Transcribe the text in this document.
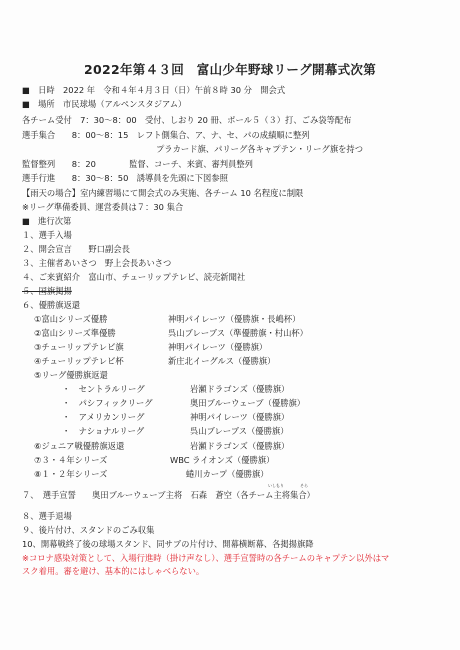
2022年第４３回　富山少年野球リーグ開幕式次第
■　日時　2022 年　令和４年４月３日（日）午前８時 30 分　開会式
■　場所　市民球場（アルペンスタジアム）
各チーム受付　7：30～8：00　受付、しおり 20 冊、ポール５（３）打、ごみ袋等配布
選手集合　　8：00～8：15　レフト側集合、ア、ナ、セ、パの成績順に整列
プラカード旗、パリーグ各キャプテン・リーグ旗を持つ
監督整列　　8：20　　　　監督、コーチ、来賓、審判員整列
選手行進　　8：30～8：50　誘導員を先頭に下図参照
【雨天の場合】室内練習場にて開会式のみ実施、各チーム 10 名程度に制限
※リーグ準備委員、運営委員は７：30 集合
■　進行次第
１、選手入場
２、開会宣言　　野口副会長
３、主催者あいさつ　野上会長あいさつ
４、ご来賓紹介　富山市、チューリップテレビ、読売新聞社
５、国旗掲揚
６、優勝旗返還
①富山シリーズ優勝	神明パイレーツ（優勝旗・長嶋杯）
②富山シリーズ準優勝	呉山ブレーブス（準優勝旗・村山杯）
③チューリップテレビ旗	神明パイレーツ（優勝旗）
④チューリップテレビ杯	新庄北イーグルス（優勝旗）
⑤リーグ優勝旗返還
・　セントラルリーグ	岩瀬ドラゴンズ（優勝旗）
・　パシフィックリーグ	奥田ブルーウェーブ（優勝旗）
・　アメリカンリーグ	神明パイレーツ（優勝旗）
・　ナショナルリーグ	呉山ブレーブス（優勝旗）
⑥ジュニア戦優勝旗返還	岩瀬ドラゴンズ（優勝旗）
⑦３・４年シリーズ	WBC ライオンズ（優勝旗）
⑧１・２年シリーズ	蜷川カープ（優勝旗）
いしもり	そら
７、　選手宣誓 奥田ブルーウェーブ主将　石森　蒼空（各チーム主将集合）
８、選手退場
９、後片付け、スタンドのごみ収集
10、開幕戦終了後の球場スタンド、同サブの片付け、開幕横断幕、各掲揚旗降
※コロナ感染対策として、入場行進時（掛け声なし）、選手宣誓時の各チームのキャプテン以外はマ
スク着用。審を避け、基本的にはしゃべらない。
